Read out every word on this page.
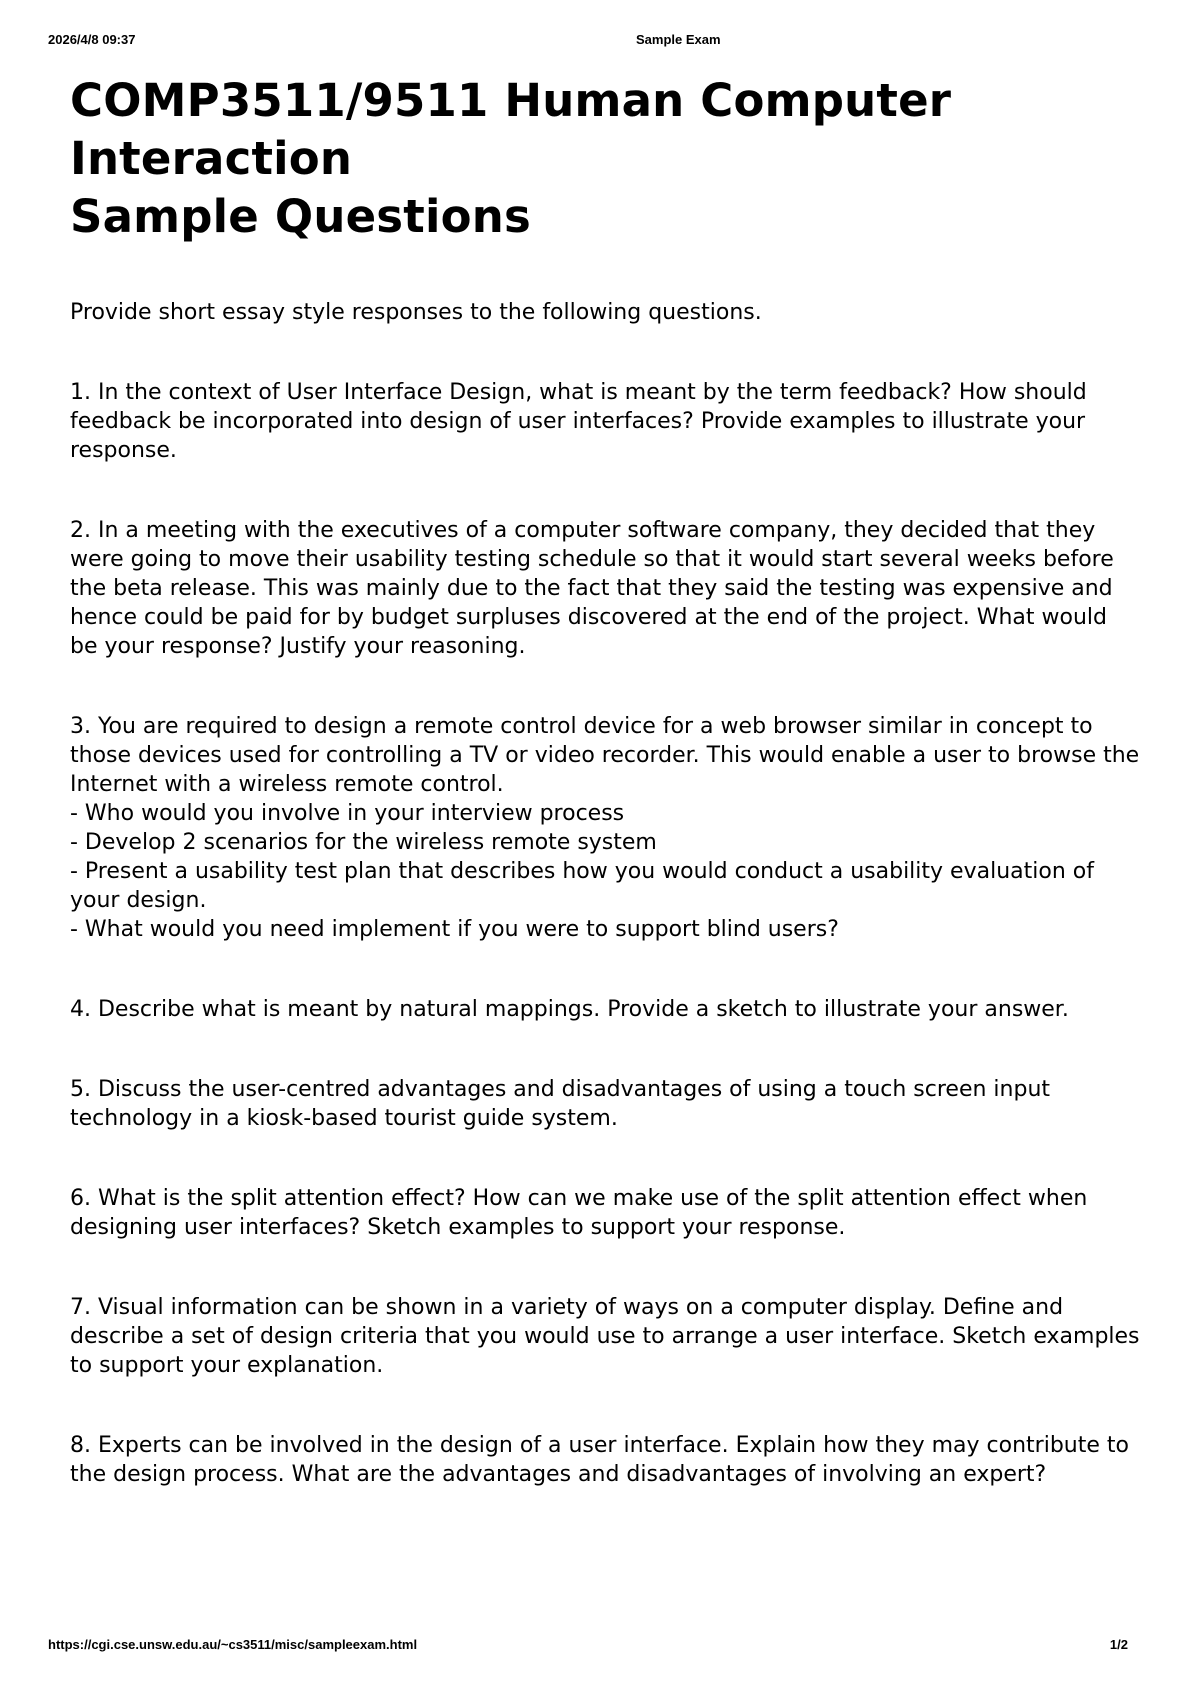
2026/4/8 09:37	Sample Exam
COMP3511/9511 Human Computer
Interaction
Sample Questions

Provide short essay style responses to the following questions.

1. In the context of User Interface Design, what is meant by the term feedback? How should feedback be incorporated into design of user interfaces? Provide examples to illustrate your response.

2. In a meeting with the executives of a computer software company, they decided that they were going to move their usability testing schedule so that it would start several weeks before the beta release. This was mainly due to the fact that they said the testing was expensive and hence could be paid for by budget surpluses discovered at the end of the project. What would be your response? Justify your reasoning.

3. You are required to design a remote control device for a web browser similar in concept to those devices used for controlling a TV or video recorder. This would enable a user to browse the Internet with a wireless remote control.

- Who would you involve in your interview process
- Develop 2 scenarios for the wireless remote system
- Present a usability test plan that describes how you would conduct a usability evaluation of your design.
- What would you need implement if you were to support blind users?

4. Describe what is meant by natural mappings. Provide a sketch to illustrate your answer.

5. Discuss the user-centred advantages and disadvantages of using a touch screen input technology in a kiosk-based tourist guide system.

6. What is the split attention effect? How can we make use of the split attention effect when designing user interfaces? Sketch examples to support your response.

7. Visual information can be shown in a variety of ways on a computer display. Define and describe a set of design criteria that you would use to arrange a user interface. Sketch examples to support your explanation.

8. Experts can be involved in the design of a user interface. Explain how they may contribute to the design process. What are the advantages and disadvantages of involving an expert?

https://cgi.cse.unsw.edu.au/~cs3511/misc/sampleexam.html	1/2
